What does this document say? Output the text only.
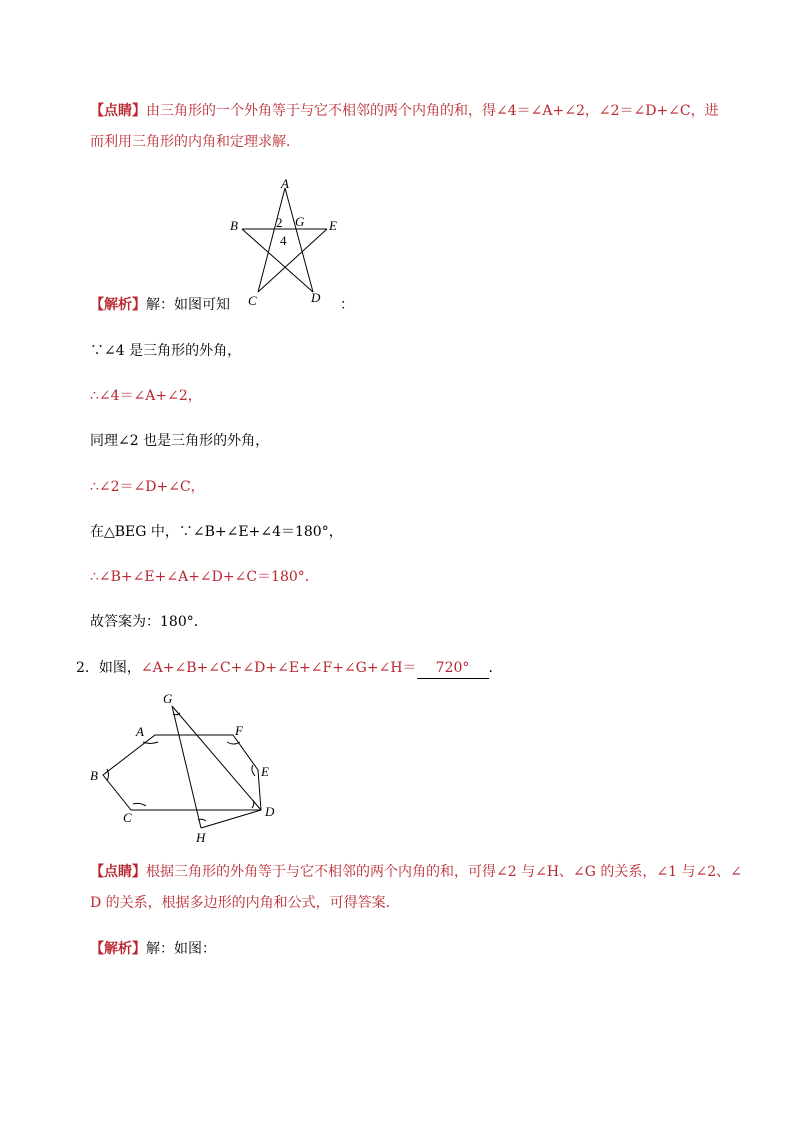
【点睛】由三角形的一个外角等于与它不相邻的两个内角的和，得∠4＝∠A+∠2，∠2＝∠D+∠C，进
而利用三角形的内角和定理求解．
A
B	E
G
2
4
C	D
【解析】解：如图可知	：
∵∠4 是三角形的外角，
∴∠4＝∠A+∠2，
同理∠2 也是三角形的外角，
∴∠2＝∠D+∠C，
在△BEG 中，∵∠B+∠E+∠4＝180°，
∴∠B+∠E+∠A+∠D+∠C＝180°．
故答案为：180°．
2．如图，∠A+∠B+∠C+∠D+∠E+∠F+∠G+∠H＝ 720° ．
G
A	F
E
B
D
C
H
【点睛】根据三角形的外角等于与它不相邻的两个内角的和，可得∠2 与∠H、∠G 的关系，∠1 与∠2、∠
D 的关系，根据多边形的内角和公式，可得答案．
【解析】解：如图：
